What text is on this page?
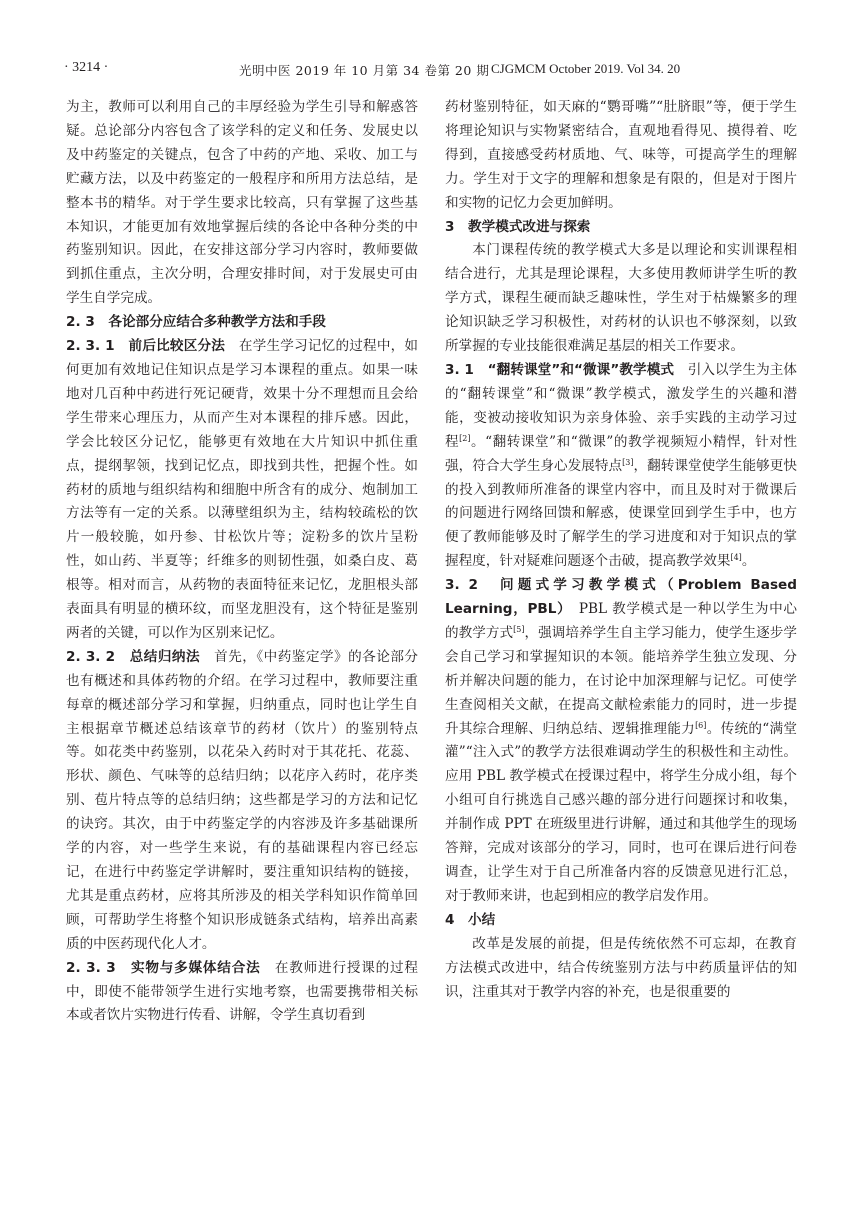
· 3214 ·	光明中医 2019 年 10 月第 34 卷第 20 期 CJGMCM October 2019. Vol 34. 20

为主，教师可以利用自己的丰厚经验为学生引导和解惑答疑。总论部分内容包含了该学科的定义和任务、发展史以及中药鉴定的关键点，包含了中药的产地、采收、加工与贮藏方法，以及中药鉴定的一般程序和所用方法总结，是整本书的精华。对于学生要求比较高，只有掌握了这些基本知识，才能更加有效地掌握后续的各论中各种分类的中药鉴别知识。因此，在安排这部分学习内容时，教师要做到抓住重点，主次分明，合理安排时间，对于发展史可由学生自学完成。

2. 3　各论部分应结合多种教学方法和手段

2. 3. 1　前后比较区分法　在学生学习记忆的过程中，如何更加有效地记住知识点是学习本课程的重点。如果一味地对几百种中药进行死记硬背，效果十分不理想而且会给学生带来心理压力，从而产生对本课程的排斥感。因此，学会比较区分记忆，能够更有效地在大片知识中抓住重点，提纲挈领，找到记忆点，即找到共性，把握个性。如药材的质地与组织结构和细胞中所含有的成分、炮制加工方法等有一定的关系。以薄壁组织为主，结构较疏松的饮片一般较脆，如丹参、甘松饮片等；淀粉多的饮片呈粉性，如山药、半夏等；纤维多的则韧性强，如桑白皮、葛根等。相对而言，从药物的表面特征来记忆，龙胆根头部表面具有明显的横环纹，而坚龙胆没有，这个特征是鉴别两者的关键，可以作为区别来记忆。

2. 3. 2　总结归纳法　首先，《中药鉴定学》的各论部分也有概述和具体药物的介绍。在学习过程中，教师要注重每章的概述部分学习和掌握，归纳重点，同时也让学生自主根据章节概述总结该章节的药材（饮片）的鉴别特点等。如花类中药鉴别，以花朵入药时对于其花托、花蕊、形状、颜色、气味等的总结归纳；以花序入药时，花序类别、苞片特点等的总结归纳；这些都是学习的方法和记忆的诀窍。其次，由于中药鉴定学的内容涉及许多基础课所学的内容，对一些学生来说，有的基础课程内容已经忘记，在进行中药鉴定学讲解时，要注重知识结构的链接，尤其是重点药材，应将其所涉及的相关学科知识作简单回顾，可帮助学生将整个知识形成链条式结构，培养出高素质的中医药现代化人才。

2. 3. 3　实物与多媒体结合法　在教师进行授课的过程中，即使不能带领学生进行实地考察，也需要携带相关标本或者饮片实物进行传看、讲解，令学生真切看到

药材鉴别特征，如天麻的“鹦哥嘴”“肚脐眼”等，便于学生将理论知识与实物紧密结合，直观地看得见、摸得着、吃得到，直接感受药材质地、气、味等，可提高学生的理解力。学生对于文字的理解和想象是有限的，但是对于图片和实物的记忆力会更加鲜明。

3　教学模式改进与探索

本门课程传统的教学模式大多是以理论和实训课程相结合进行，尤其是理论课程，大多使用教师讲学生听的教学方式，课程生硬而缺乏趣味性，学生对于枯燥繁多的理论知识缺乏学习积极性，对药材的认识也不够深刻，以致所掌握的专业技能很难满足基层的相关工作要求。

3. 1　“翻转课堂”和“微课”教学模式　引入以学生为主体的“翻转课堂”和“微课”教学模式，激发学生的兴趣和潜能，变被动接收知识为亲身体验、亲手实践的主动学习过程[2]。“翻转课堂”和“微课”的教学视频短小精悍，针对性强，符合大学生身心发展特点[3]，翻转课堂使学生能够更快的投入到教师所准备的课堂内容中，而且及时对于微课后的问题进行网络回馈和解惑，使课堂回到学生手中，也方便了教师能够及时了解学生的学习进度和对于知识点的掌握程度，针对疑难问题逐个击破，提高教学效果[4]。

3. 2　问题式学习教学模式（Problem Based Learning，PBL）　PBL 教学模式是一种以学生为中心的教学方式[5]，强调培养学生自主学习能力，使学生逐步学会自己学习和掌握知识的本领。能培养学生独立发现、分析并解决问题的能力，在讨论中加深理解与记忆。可使学生查阅相关文献，在提高文献检索能力的同时，进一步提升其综合理解、归纳总结、逻辑推理能力[6]。传统的“满堂灌”“注入式”的教学方法很难调动学生的积极性和主动性。应用 PBL 教学模式在授课过程中，将学生分成小组，每个小组可自行挑选自己感兴趣的部分进行问题探讨和收集，并制作成 PPT 在班级里进行讲解，通过和其他学生的现场答辩，完成对该部分的学习，同时，也可在课后进行问卷调查，让学生对于自己所准备内容的反馈意见进行汇总，对于教师来讲，也起到相应的教学启发作用。

4　小结

改革是发展的前提，但是传统依然不可忘却，在教育方法模式改进中，结合传统鉴别方法与中药质量评估的知识，注重其对于教学内容的补充，也是很重要的
